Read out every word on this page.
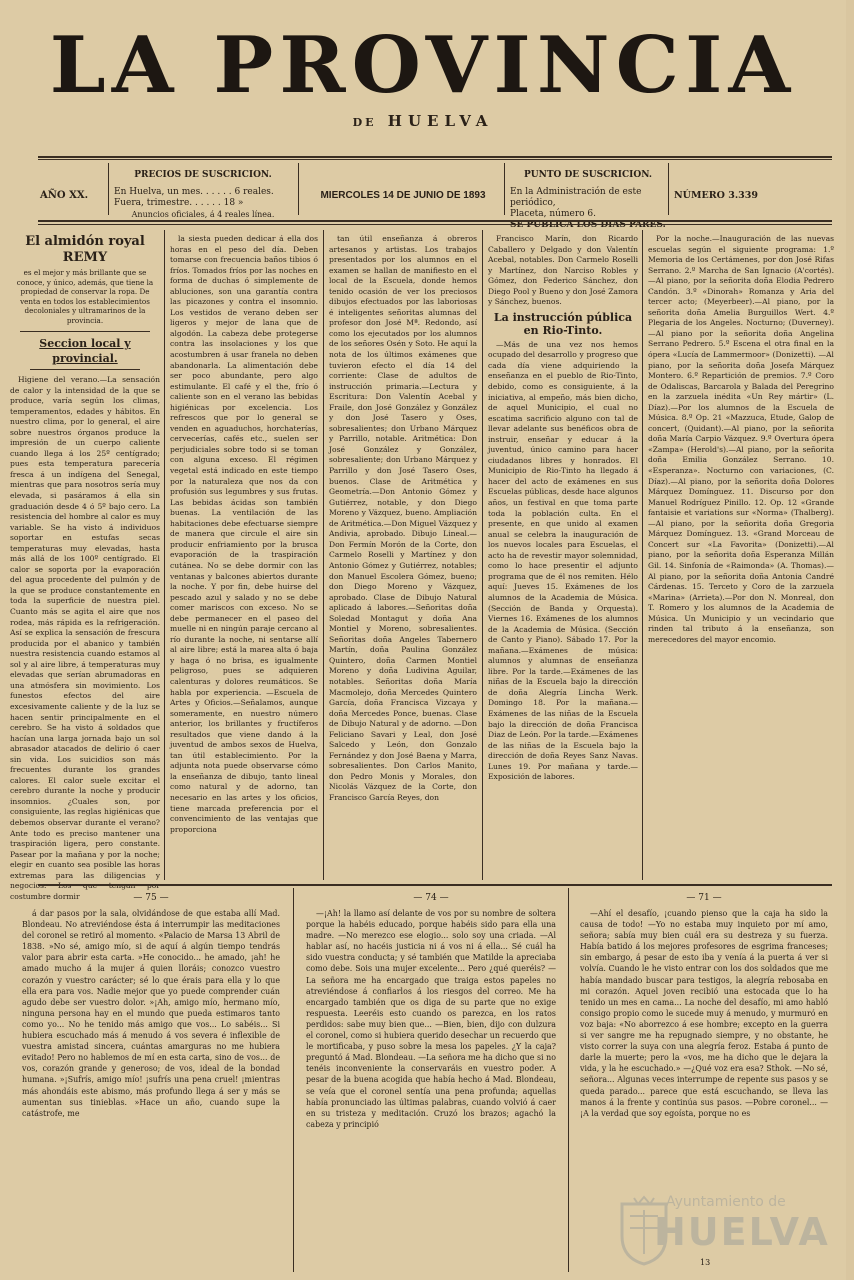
LA PROVINCIA
DE HUELVA
AÑO XX.
PRECIOS DE SUSCRICION.
En Huelva, un mes. . . . . . 6 reales.
Fuera, trimestre. . . . . . 18 »
Anuncios oficiales, á 4 reales línea.
MIERCOLES 14 DE JUNIO DE 1893
PUNTO DE SUSCRICION.
En la Administración de este periódico,
Placeta, número 6.
SE PUBLICA LOS DIAS PARES.
NÚMERO 3.339
El almidón royal REMY
es el mejor y más brillante que se conoce, y único, además, que tiene la propiedad de conservar la ropa. De venta en todos los establecimientos decoloniales y ultramarinos de la provincia.
Seccion local y provincial.

Higiene del verano.—La sensación de calor y la intensidad de la que se produce, varía según los climas, temperamentos, edades y hábitos. En nuestro clima, por lo general, el aire sobre nuestros órganos produce la impresión de un cuerpo caliente cuando llega á los 25º centígrado; pues esta temperatura parecería fresca á un indígena del Senegal, mientras que para nosotros sería muy elevada, si pasáramos á ella sin graduación desde 4 ó 5º bajo cero. La resistencia del hombre al calor es muy variable. Se ha visto á individuos soportar en estufas secas temperaturas muy elevadas, hasta más allá de los 100º centígrado. El calor se soporta por la evaporación del agua procedente del pulmón y de la que se produce constantemente en toda la superficie de nuestra piel. Cuanto más se agita el aire que nos rodea, más rápida es la refrigeración. Así se explica la sensación de frescura producida por el abanico y también nuestra resistencia cuando estamos al sol y al aire libre, á temperaturas muy elevadas que serían abrumadoras en una atmósfera sin movimiento. Los funestos efectos del aire excesivamente caliente y de la luz se hacen sentir principalmente en el cerebro. Se ha visto á soldados que hacían una larga jornada bajo un sol abrasador atacados de delirio ó caer sin vida. Los suicidios son más frecuentes durante los grandes calores. El calor suele excitar el cerebro durante la noche y producir insomnios. ¿Cuales son, por consiguiente, las reglas higiénicas que debemos observar durante el verano? Ante todo es preciso mantener una traspiración ligera, pero constante. Pasear por la mañana y por la noche; elegir en cuanto sea posible las horas extremas para las diligencias y negocios. Los que tengan por costumbre dormir

la siesta pueden dedicar á ella dos horas en el peso del día. Deben tomarse con frecuencia baños tibios ó fríos. Tomados fríos por las noches en forma de duchas ó simplemente de abluciones, son una garantía contra las picazones y contra el insomnio. Los vestidos de verano deben ser ligeros y mejor de lana que de algodón. La cabeza debe protegerse contra las insolaciones y los que acostumbren á usar franela no deben abandonarla. La alimentación debe ser poco abundante, pero algo estimulante. El café y el the, frío ó caliente son en el verano las bebidas higiénicas por excelencia. Los refrescos que por lo general se venden en aguaduchos, horchaterías, cervecerías, cafés etc., suelen ser perjudiciales sobre todo si se toman con alguna exceso. El régimen vegetal está indicado en este tiempo por la naturaleza que nos da con profusión sus legumbres y sus frutas. Las bebidas ácidas son también buenas. La ventilación de las habitaciones debe efectuarse siempre de manera que circule el aire sin producir enfriamiento por la brusca evaporación de la traspiración cutánea. No se debe dormir con las ventanas y balcones abiertos durante la noche. Y por fin, debe huirse del pescado azul y salado y no se debe comer mariscos con exceso. No se debe permanecer en el paseo del muelle ni en ningún paraje cercano al río durante la noche, ni sentarse allí al aire libre; está la marea alta ó baja y haga ó no brisa, es igualmente peligroso, pues se adquieren calenturas y dolores reumáticos. Se habla por experiencia. —Escuela de Artes y Oficios.—Señalamos, aunque someramente, en nuestro número anterior, los brillantes y fructíferos resultados que viene dando á la juventud de ambos sexos de Huelva, tan útil establecimiento. Por la adjunta nota puede observarse cómo la enseñanza de dibujo, tanto lineal como natural y de adorno, tan necesario en las artes y los oficios, tiene marcada preferencia por el convencimiento de las ventajas que proporciona

tan útil enseñanza á obreros artesanos y artistas. Los trabajos presentados por los alumnos en el examen se hallan de manifiesto en el local de la Escuela, donde hemos tenido ocasión de ver los preciosos dibujos efectuados por las laboriosas é inteligentes señoritas alumnas del profesor don José Mª. Redondo, así como los ejecutados por los alumnos de los señores Osén y Soto. He aquí la nota de los últimos exámenes que tuvieron efecto el día 14 del corriente: Clase de adultos de instrucción primaria.—Lectura y Escritura: Don Valentín Acebal y Fraile, don José González y González y don José Tasero y Oses, sobresalientes; don Urbano Márquez y Parrillo, notable. Aritmética: Don José González y González, sobresaliente; don Urbano Márquez y Parrillo y don José Tasero Oses, buenos. Clase de Aritmética y Geometría.—Don Antonio Gómez y Gutiérrez, notable, y don Diego Moreno y Vázquez, bueno. Ampliación de Aritmética.—Don Miguel Vázquez y Andivia, aprobado. Dibujo Lineal.—Don Fermín Morón de la Corte, don Carmelo Roselli y Martínez y don Antonio Gómez y Gutiérrez, notables; don Manuel Escolera Gómez, bueno; don Diego Moreno y Vázquez, aprobado. Clase de Dibujo Natural aplicado á labores.—Señoritas doña Soledad Montagut y doña Ana Montiel y Moreno, sobresalientes. Señoritas doña Angeles Tabernero Martín, doña Paulina González Quintero, doña Carmen Montiel Moreno y doña Ludivina Aguilar, notables. Señoritas doña María Macmolejo, doña Mercedes Quintero García, doña Francisca Vizcaya y doña Mercedes Ponce, buenas. Clase de Dibujo Natural y de adorno. —Don Feliciano Savari y Leal, don José Salcedo y León, don Gonzalo Fernández y don José Baena y Marra, sobresalientes. Don Carlos Manito, don Pedro Monis y Morales, don Nicolás Vázquez de la Corte, don Francisco García Reyes, don

Francisco Marín, don Ricardo Caballero y Delgado y don Valentín Acebal, notables. Don Carmelo Roselli y Martínez, don Narciso Robles y Gómez, don Federico Sánchez, don Diego Pool y Bueno y don José Zamora y Sánchez, buenos.

La instrucción pública en Rio-Tinto.

—Más de una vez nos hemos ocupado del desarrollo y progreso que cada día viene adquiriendo la enseñanza en el pueblo de Rio-Tinto, debido, como es consiguiente, á la iniciativa, al empeño, más bien dicho, de aquel Municipio, el cual no escatima sacrificio alguno con tal de llevar adelante sus benéficos obra de instruir, enseñar y educar á la juventud, único camino para hacer ciudadanos libres y honrados. El Municipio de Rio-Tinto ha llegado á hacer del acto de exámenes en sus Escuelas públicas, desde hace algunos años, un festival en que toma parte toda la población culta. En el presente, en que unido al examen anual se celebra la inauguración de los nuevos locales para Escuelas, el acto ha de revestir mayor solemnidad, como lo hace presentir el adjunto programa que de él nos remiten. Hélo aquí: Jueves 15. Exámenes de los alumnos de la Academia de Música. (Sección de Banda y Orquesta). Viernes 16. Exámenes de los alumnos de la Academia de Música. (Sección de Canto y Piano). Sábado 17. Por la mañana.—Exámenes de música: alumnos y alumnas de enseñanza libre. Por la tarde.—Exámenes de las niñas de la Escuela bajo la dirección de doña Alegría Lincha Werk. Domingo 18. Por la mañana.—Exámenes de las niñas de la Escuela bajo la dirección de doña Francisca Diaz de León. Por la tarde.—Exámenes de las niñas de la Escuela bajo la dirección de doña Reyes Sanz Navas. Lunes 19. Por mañana y tarde.—Exposición de labores.

Por la noche.—Inauguración de las nuevas escuelas según el siguiente programa: 1.º Memoria de los Certámenes, por don José Rifas Serrano. 2.º Marcha de San Ignacio (A'cortés).—Al piano, por la señorita doña Elodia Pedrero Candón. 3.º «Dinorah» Romanza y Aria del tercer acto; (Meyerbeer).—Al piano, por la señorita doña Amelia Burguillos Wert. 4.º Plegaria de los Angeles. Nocturno; (Duverney).—Al piano por la señorita doña Angelina Serrano Pedrero. 5.º Escena el otra final en la ópera «Lucía de Lammermoor» (Donizetti). —Al piano, por la señorita doña Josefa Márquez Montero. 6.º Repartición de premios. 7.º Coro de Odaliscas, Barcarola y Balada del Peregrino en la zarzuela inédita «Un Rey mártir» (L. Díaz).—Por los alumnos de la Escuela de Música. 8.º Op. 21 «Mazzuca, Etude, Galop de concert, (Quidant).—Al piano, por la señorita doña María Carpio Vázquez. 9.º Overtura ópera «Zampa» (Herold's).—Al piano, por la señorita doña Emilia González Serrano. 10. «Esperanza». Nocturno con variaciones, (C. Díaz).—Al piano, por la señorita doña Dolores Márquez Domínguez. 11. Discurso por don Manuel Rodríguez Pinillo. 12. Op. 12 «Grande fantaisie et variations sur «Norma» (Thalberg).—Al piano, por la señorita doña Gregoria Márquez Domínguez. 13. «Grand Morceau de Concert sur «La Favorita» (Donizetti).—Al piano, por la señorita doña Esperanza Millán Gil. 14. Sinfonía de «Raimonda» (A. Thomas).—Al piano, por la señorita doña Antonia Candré Cárdenas. 15. Terceto y Coro de la zarzuela «Marina» (Arrieta).—Por don N. Monreal, don T. Romero y los alumnos de la Academia de Música. Un Municipio y un vecindario que rinden tal tributo á la enseñanza, son merecedores del mayor encomio.

— 75 —

á dar pasos por la sala, olvidándose de que estaba allí Mad. Blondeau. No atreviéndose ésta á interrumpir las meditaciones del coronel se retiró al momento. «Palacio de Marsa 13 Abril de 1838. »No sé, amigo mío, si de aquí á algún tiempo tendrás valor para abrir esta carta. »He conocido... he amado, ¡ah! he amado mucho á la mujer á quien lloráis; conozco vuestro corazón y vuestro carácter; sé lo que érais para ella y lo que ella era para vos. Nadie mejor que yo puede comprender cuán agudo debe ser vuestro dolor. »¡Ah, amigo mío, hermano mío, ninguna persona hay en el mundo que pueda estimaros tanto como yo... No he tenido más amigo que vos... Lo sabéis... Si hubiera escuchado más á menudo á vos severa é inflexible de vuestra amistad sincera, cuántas amarguras no me hubiera evitado! Pero no hablemos de mí en esta carta, sino de vos... de vos, corazón grande y generoso; de vos, ideal de la bondad humana. »¡Sufrís, amigo mío! ¡sufrís una pena cruel! ¡mientras más ahondáis este abismo, más profundo llega á ser y más se aumentan sus tinieblas. »Hace un año, cuando supe la catástrofe, me

— 74 —

—¡Ah! la llamo así delante de vos por su nombre de soltera porque la habéis educado, porque habéis sido para ella una madre. —No merezco ese elogio... solo soy una criada. —Al hablar así, no hacéis justicia ni á vos ni á ella... Sé cuál ha sido vuestra conducta; y sé también que Matilde la apreciaba como debe. Sois una mujer excelente... Pero ¿qué queréis? —La señora me ha encargado que traiga estos papeles no atreviéndose á confiarlos á los riesgos del correo. Me ha encargado también que os diga de su parte que no exige respuesta. Leeréis esto cuando os parezca, en los ratos perdidos: sabe muy bien que... —Bien, bien, dijo con dulzura el coronel, como si hubiera querido desechar un recuerdo que le mortificaba, y puso sobre la mesa los papeles. ¿Y la caja? preguntó á Mad. Blondeau. —La señora me ha dicho que si no tenéis inconveniente la conservaráis en vuestro poder. A pesar de la buena acogida que había hecho á Mad. Blondeau, se veía que el coronel sentía una pena profunda; aquellas había pronunciado las últimas palabras, cuando volvió á caer en su tristeza y meditación. Cruzó los brazos; agachó la cabeza y principió

— 71 —

—Ahí el desafío, ¡cuando pienso que la caja ha sido la causa de todo! —Yo no estaba muy inquieto por mí amo, señora; sabía muy bien cuál era su destreza y su fuerza. Había batido á los mejores profesores de esgrima franceses; sin embargo, á pesar de esto iba y venía á la puerta á ver si volvía. Cuando le he visto entrar con los dos soldados que me había mandado buscar para testigos, la alegría rebosaba en mi corazón. Aquel joven recibió una estocada que lo ha tenido un mes en cama... La noche del desafío, mi amo habló consigo propio como le sucede muy á menudo, y murmuró en voz baja: «No aborrezco á ese hombre; excepto en la guerra si ver sangre me ha repugnado siempre, y no obstante, he visto correr la suya con una alegría feroz. Estaba á punto de darle la muerte; pero la «vos, me ha dicho que le dejara la vida, y la he escuchado.» —¿Qué voz era esa? Sthok. —No sé, señora... Algunas veces interrumpe de repente sus pasos y se queda parado... parece que está escuchando, se lleva las manos á la frente y continúa sus pasos. —Pobre coronel... —¡A la verdad que soy egoísta, porque no es

13
Ayuntamiento de
HUELVA
